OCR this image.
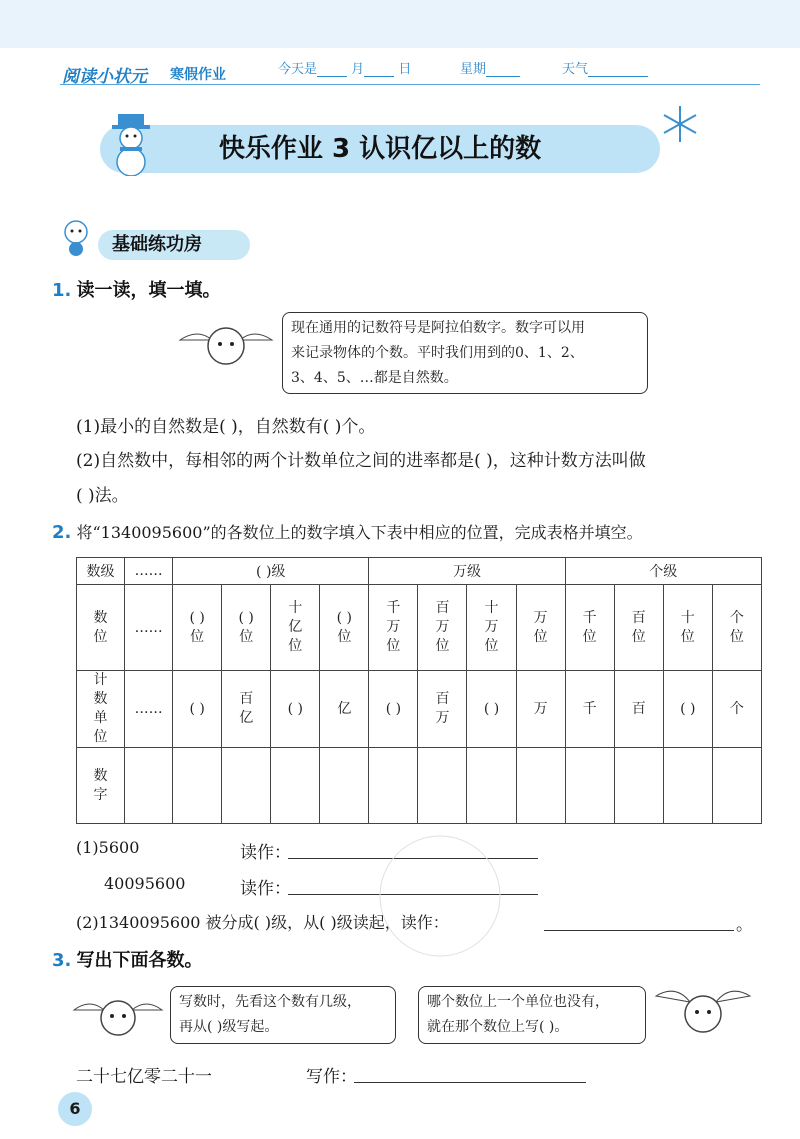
阅读小状元 寒假作业	今天是	月	日	星期	天气
快乐作业 3 认识亿以上的数
基础练功房
1. 读一读，填一填。
现在通用的记数符号是阿拉伯数字。数字可以用
来记录物体的个数。平时我们用到的0、1、2、
3、4、5、…都是自然数。
(1)最小的自然数是( )，自然数有( )个。
(2)自然数中，每相邻的两个计数单位之间的进率都是( )，这种计数方法叫做
( )法。
2. 将“1340095600”的各数位上的数字填入下表中相应的位置，完成表格并填空。
数级	……	( )级				万级				个级			
数位	……	( )位	( )位	十亿位	( )位	千万位	百万位	十万位	万位	千位	百位	十位	个位
计数单位	……	( )	百亿	( )	亿	( )	百万	( )	万	千	百	( )	个
数字													
(1)5600	读作：
40095600	读作：
(2)1340095600 被分成( )级，从( )级读起，读作：	。
3. 写出下面各数。
写数时，先看这个数有几级，
再从( )级写起。
哪个数位上一个单位也没有，
就在那个数位上写( )。
二十七亿零二十一	写作：
6
